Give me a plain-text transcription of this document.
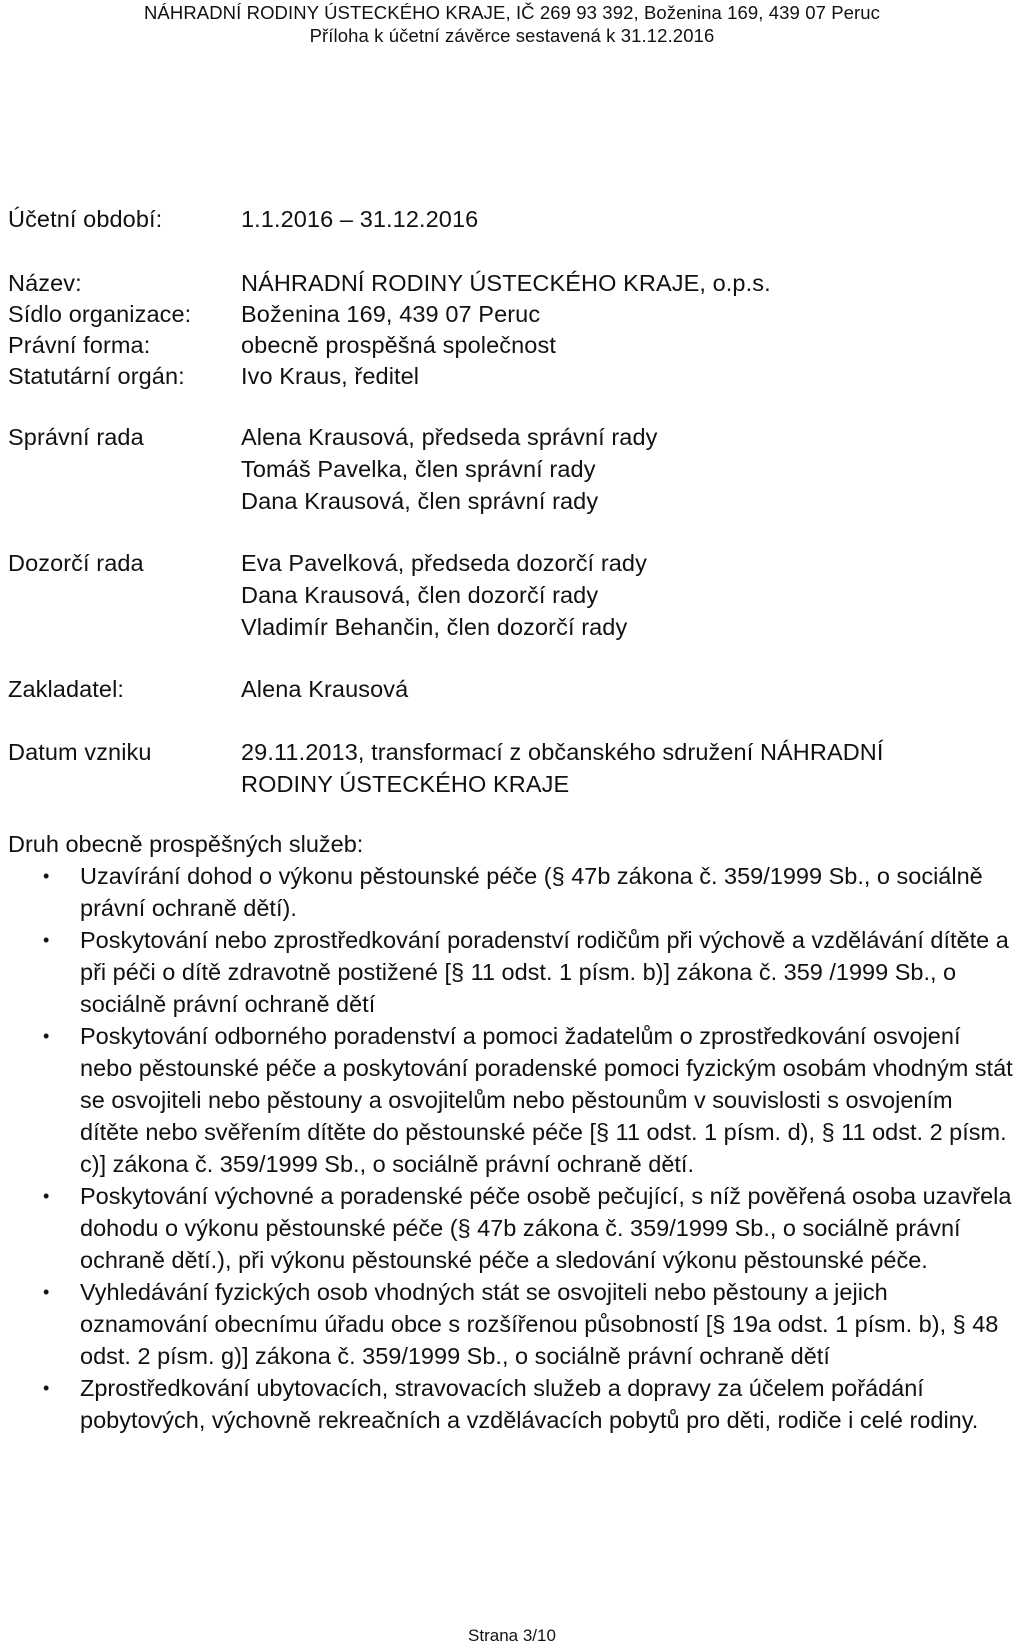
NÁHRADNÍ RODINY ÚSTECKÉHO KRAJE, IČ 269 93 392, Boženina 169, 439 07 Peruc
Příloha k účetní závěrce sestavená k 31.12.2016
Účetní období:	1.1.2016 – 31.12.2016
Název:	NÁHRADNÍ RODINY ÚSTECKÉHO KRAJE, o.p.s.
Sídlo organizace: Boženina 169, 439 07 Peruc
Právní forma:	obecně prospěšná společnost
Statutární orgán: Ivo Kraus, ředitel
Správní rada	Alena Krausová, předseda správní rady
Tomáš Pavelka, člen správní rady
Dana Krausová, člen správní rady
Dozorčí rada	Eva Pavelková, předseda dozorčí rady
Dana Krausová, člen dozorčí rady
Vladimír Behančin, člen dozorčí rady
Zakladatel:	Alena Krausová
Datum vzniku	29.11.2013, transformací z občanského sdružení NÁHRADNÍ
RODINY ÚSTECKÉHO KRAJE
Druh obecně prospěšných služeb:
• Uzavírání dohod o výkonu pěstounské péče (§ 47b zákona č. 359/1999 Sb., o sociálně právní ochraně dětí).
• Poskytování nebo zprostředkování poradenství rodičům při výchově a vzdělávání dítěte a při péči o dítě zdravotně postižené [§ 11 odst. 1 písm. b)] zákona č. 359 /1999 Sb., o sociálně právní ochraně dětí
• Poskytování odborného poradenství a pomoci žadatelům o zprostředkování osvojení nebo pěstounské péče a poskytování poradenské pomoci fyzickým osobám vhodným stát se osvojiteli nebo pěstouny a osvojitelům nebo pěstounům v souvislosti s osvojením dítěte nebo svěřením dítěte do pěstounské péče [§ 11 odst. 1 písm. d), § 11 odst. 2 písm. c)] zákona č. 359/1999 Sb., o sociálně právní ochraně dětí.
• Poskytování výchovné a poradenské péče osobě pečující, s níž pověřená osoba uzavřela dohodu o výkonu pěstounské péče (§ 47b zákona č. 359/1999 Sb., o sociálně právní ochraně dětí.), při výkonu pěstounské péče a sledování výkonu pěstounské péče.
• Vyhledávání fyzických osob vhodných stát se osvojiteli nebo pěstouny a jejich oznamování obecnímu úřadu obce s rozšířenou působností [§ 19a odst. 1 písm. b), § 48 odst. 2 písm. g)] zákona č. 359/1999 Sb., o sociálně právní ochraně dětí
• Zprostředkování ubytovacích, stravovacích služeb a dopravy za účelem pořádání pobytových, výchovně rekreačních a vzdělávacích pobytů pro děti, rodiče i celé rodiny.
Strana 3/10
